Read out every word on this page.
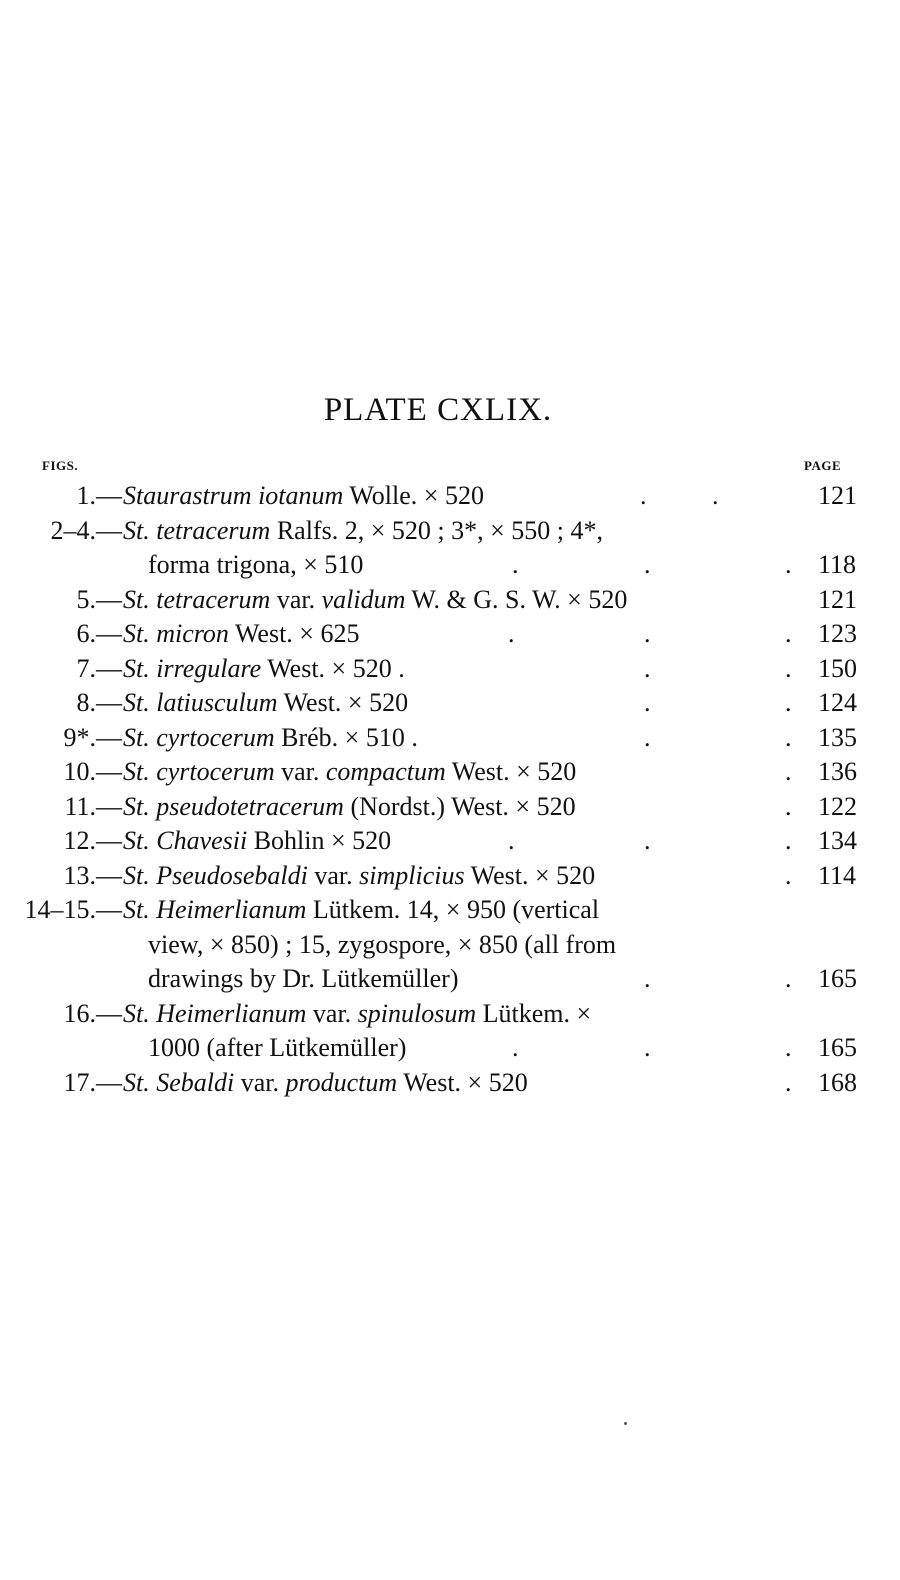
PLATE CXLIX.
FIGS.	PAGE
1.— Staurastrum iotanum Wolle. × 520	.	.	121
2–4.— St. tetracerum Ralfs. 2, × 520 ; 3*, × 550 ; 4*,
forma trigona, × 510	.	.	. 118
5.— St. tetracerum var. validum W. & G. S. W. × 520	121
6.— St. micron West. × 625	.	.	. 123
7.— St. irregulare West. × 520 .	.	. 150
8.— St. latiusculum West. × 520	.	. 124
9*.— St. cyrtocerum Bréb. × 510 .	.	. 135
10.— St. cyrtocerum var. compactum West. × 520	. 136
11.— St. pseudotetracerum (Nordst.) West. × 520	. 122
12.— St. Chavesii Bohlin × 520	.	.	. 134
13.— St. Pseudosebaldi var. simplicius West. × 520	. 114
14–15.— St. Heimerlianum Lütkem. 14, × 950 (vertical
view, × 850) ; 15, zygospore, × 850 (all from
drawings by Dr. Lütkemüller)	.	. 165
16.— St. Heimerlianum var. spinulosum Lütkem. ×
1000 (after Lütkemüller)	.	.	. 165
17.— St. Sebaldi var. productum West. × 520	. 168
